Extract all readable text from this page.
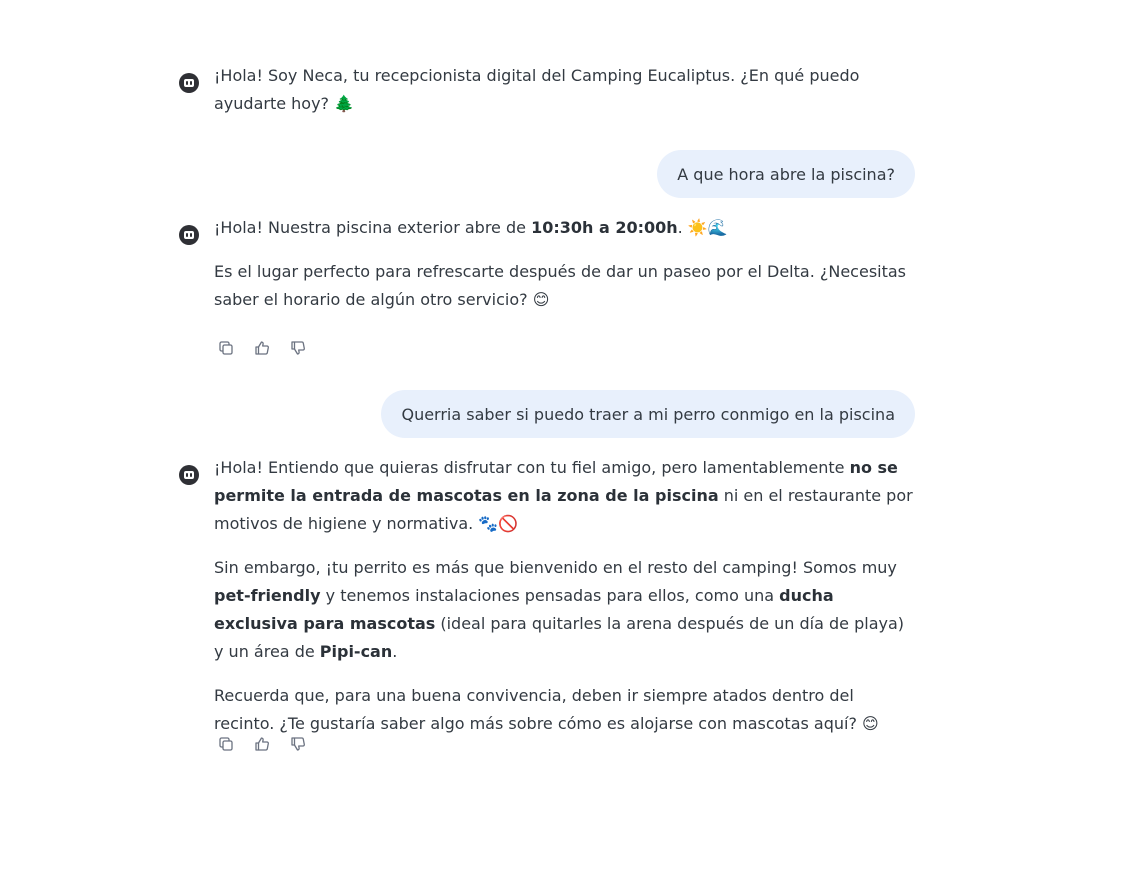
¡Hola! Soy Neca, tu recepcionista digital del Camping Eucaliptus. ¿En qué puedo ayudarte hoy? 🌲

A que hora abre la piscina?

¡Hola! Nuestra piscina exterior abre de 10:30h a 20:00h. ☀️🌊

Es el lugar perfecto para refrescarte después de dar un paseo por el Delta. ¿Necesitas saber el horario de algún otro servicio? 😊

Querria saber si puedo traer a mi perro conmigo en la piscina

¡Hola! Entiendo que quieras disfrutar con tu fiel amigo, pero lamentablemente no se permite la entrada de mascotas en la zona de la piscina ni en el restaurante por motivos de higiene y normativa. 🐾🚫

Sin embargo, ¡tu perrito es más que bienvenido en el resto del camping! Somos muy pet-friendly y tenemos instalaciones pensadas para ellos, como una ducha exclusiva para mascotas (ideal para quitarles la arena después de un día de playa) y un área de Pipi-can.

Recuerda que, para una buena convivencia, deben ir siempre atados dentro del recinto. ¿Te gustaría saber algo más sobre cómo es alojarse con mascotas aquí? 😊
